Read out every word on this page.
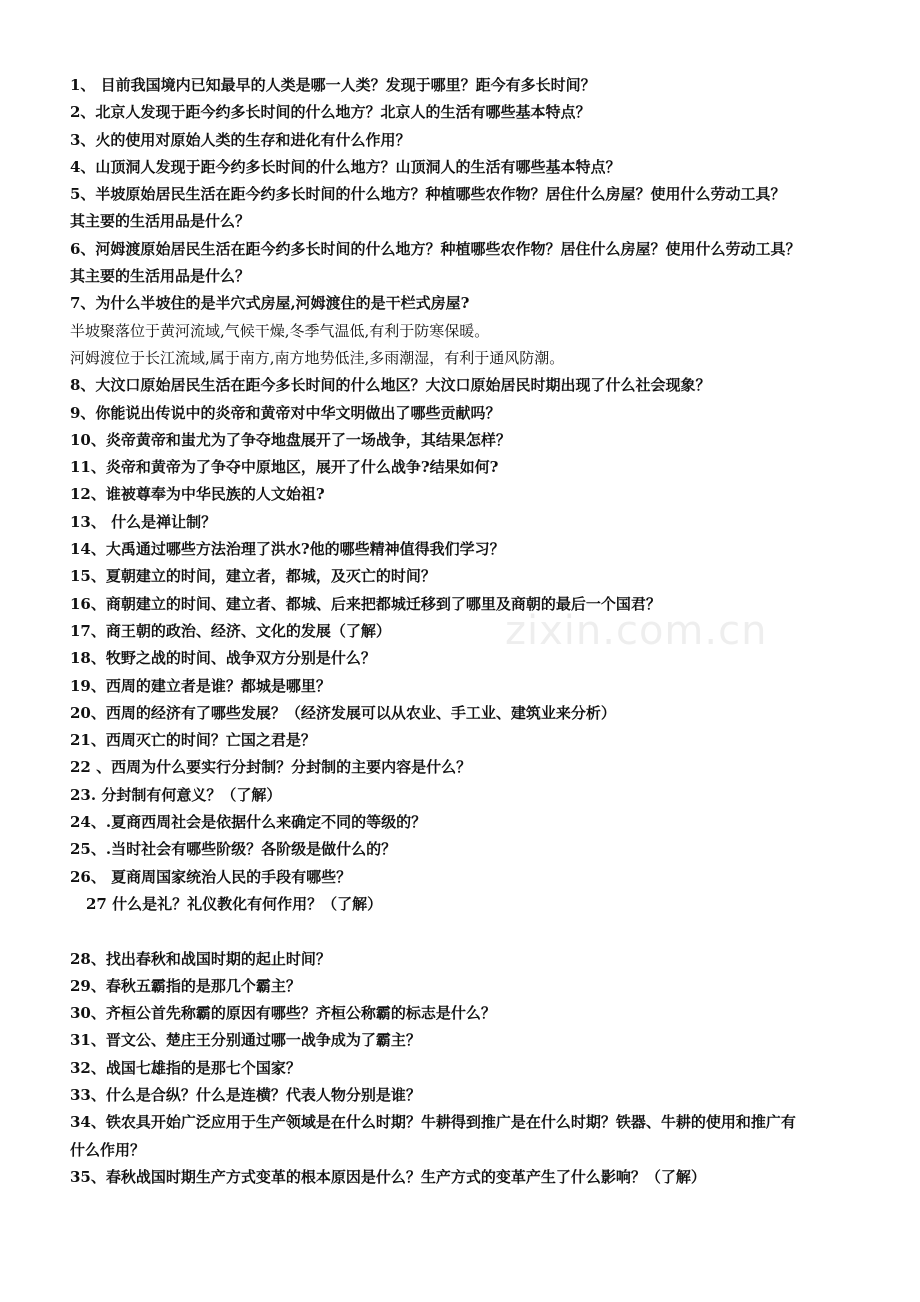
1、 目前我国境内已知最早的人类是哪一人类？发现于哪里？距今有多长时间？
2、北京人发现于距今约多长时间的什么地方？北京人的生活有哪些基本特点？
3、火的使用对原始人类的生存和进化有什么作用？
4、山顶洞人发现于距今约多长时间的什么地方？山顶洞人的生活有哪些基本特点？
5、半坡原始居民生活在距今约多长时间的什么地方？种植哪些农作物？居住什么房屋？使用什么劳动工具？
其主要的生活用品是什么？
6、河姆渡原始居民生活在距今约多长时间的什么地方？种植哪些农作物？居住什么房屋？使用什么劳动工具？
其主要的生活用品是什么？
7、为什么半坡住的是半穴式房屋,河姆渡住的是干栏式房屋?
半坡聚落位于黄河流域,气候干燥,冬季气温低,有利于防寒保暖。
河姆渡位于长江流域,属于南方,南方地势低洼,多雨潮湿，有利于通风防潮。
8、大汶口原始居民生活在距今多长时间的什么地区？大汶口原始居民时期出现了什么社会现象？
9、你能说出传说中的炎帝和黄帝对中华文明做出了哪些贡献吗？
10、炎帝黄帝和蚩尤为了争夺地盘展开了一场战争，其结果怎样？
11、炎帝和黄帝为了争夺中原地区，展开了什么战争?结果如何?
12、谁被尊奉为中华民族的人文始祖?
13、 什么是禅让制？
14、大禹通过哪些方法治理了洪水?他的哪些精神值得我们学习？
15、夏朝建立的时间，建立者，都城，及灭亡的时间？
16、商朝建立的时间、建立者、都城、后来把都城迁移到了哪里及商朝的最后一个国君？
17、商王朝的政治、经济、文化的发展（了解）
18、牧野之战的时间、战争双方分别是什么？
19、西周的建立者是谁？都城是哪里？
20、西周的经济有了哪些发展？（经济发展可以从农业、手工业、建筑业来分析）
21、西周灭亡的时间？亡国之君是？
22 、西周为什么要实行分封制？分封制的主要内容是什么？
23. 分封制有何意义？（了解）
24、.夏商西周社会是依据什么来确定不同的等级的？
25、.当时社会有哪些阶级？各阶级是做什么的？
26、 夏商周国家统治人民的手段有哪些？
27 什么是礼？礼仪教化有何作用？（了解）
28、找出春秋和战国时期的起止时间？
29、春秋五霸指的是那几个霸主？
30、齐桓公首先称霸的原因有哪些？齐桓公称霸的标志是什么？
31、晋文公、楚庄王分别通过哪一战争成为了霸主？
32、战国七雄指的是那七个国家？
33、什么是合纵？什么是连横？代表人物分别是谁？
34、铁农具开始广泛应用于生产领域是在什么时期？牛耕得到推广是在什么时期？铁器、牛耕的使用和推广有
什么作用？
35、春秋战国时期生产方式变革的根本原因是什么？生产方式的变革产生了什么影响？（了解）
zixin.com.cn
